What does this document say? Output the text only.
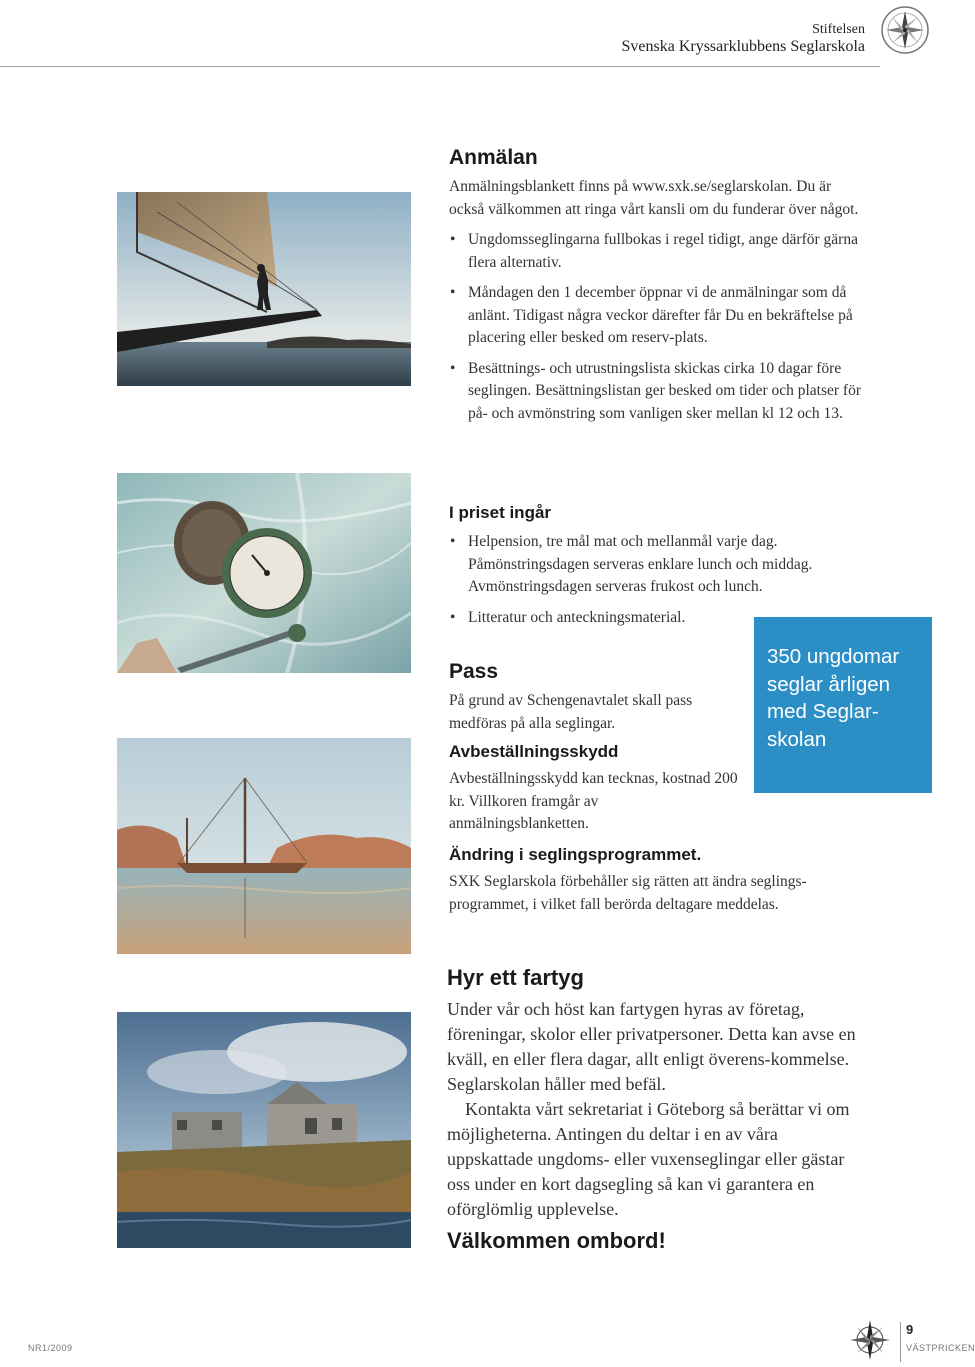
Stiftelsen
Svenska Kryssarklubbens Seglarskola
Anmälan

Anmälningsblankett finns på www.sxk.se/seglarskolan. Du är också välkommen att ringa vårt kansli om du funderar över något.

• Ungdomsseglingarna fullbokas i regel tidigt, ange därför gärna flera alternativ.

• Måndagen den 1 december öppnar vi de anmälningar som då anlänt. Tidigast några veckor därefter får Du en bekräftelse på placering eller besked om reserv-plats.

• Besättnings- och utrustningslista skickas cirka 10 dagar före seglingen. Besättningslistan ger besked om tider och platser för på- och avmönstring som vanligen sker mellan kl 12 och 13.

I priset ingår

• Helpension, tre mål mat och mellanmål varje dag. Påmönstringsdagen serveras enklare lunch och middag. Avmönstringsdagen serveras frukost och lunch.

• Litteratur och anteckningsmaterial.

Pass

På grund av Schengenavtalet skall pass medföras på alla seglingar.

Avbeställningsskydd

Avbeställningsskydd kan tecknas, kostnad 200 kr. Villkoren framgår av anmälningsblanketten.

Ändring i seglingsprogrammet.

SXK Seglarskola förbehåller sig rätten att ändra seglings-programmet, i vilket fall berörda deltagare meddelas.

350 ungdomar seglar årligen med Seglar-skolan
Hyr ett fartyg

Under vår och höst kan fartygen hyras av företag, föreningar, skolor eller privatpersoner. Detta kan avse en kväll, en eller flera dagar, allt enligt överens-kommelse. Seglarskolan håller med befäl.

Kontakta vårt sekretariat i Göteborg så berättar vi om möjligheterna. Antingen du deltar i en av våra uppskattade ungdoms- eller vuxenseglingar eller gästar oss under en kort dagsegling så kan vi garantera en oförglömlig upplevelse.

Välkommen ombord!
NR1/2009
9
VÄSTPRICKEN
